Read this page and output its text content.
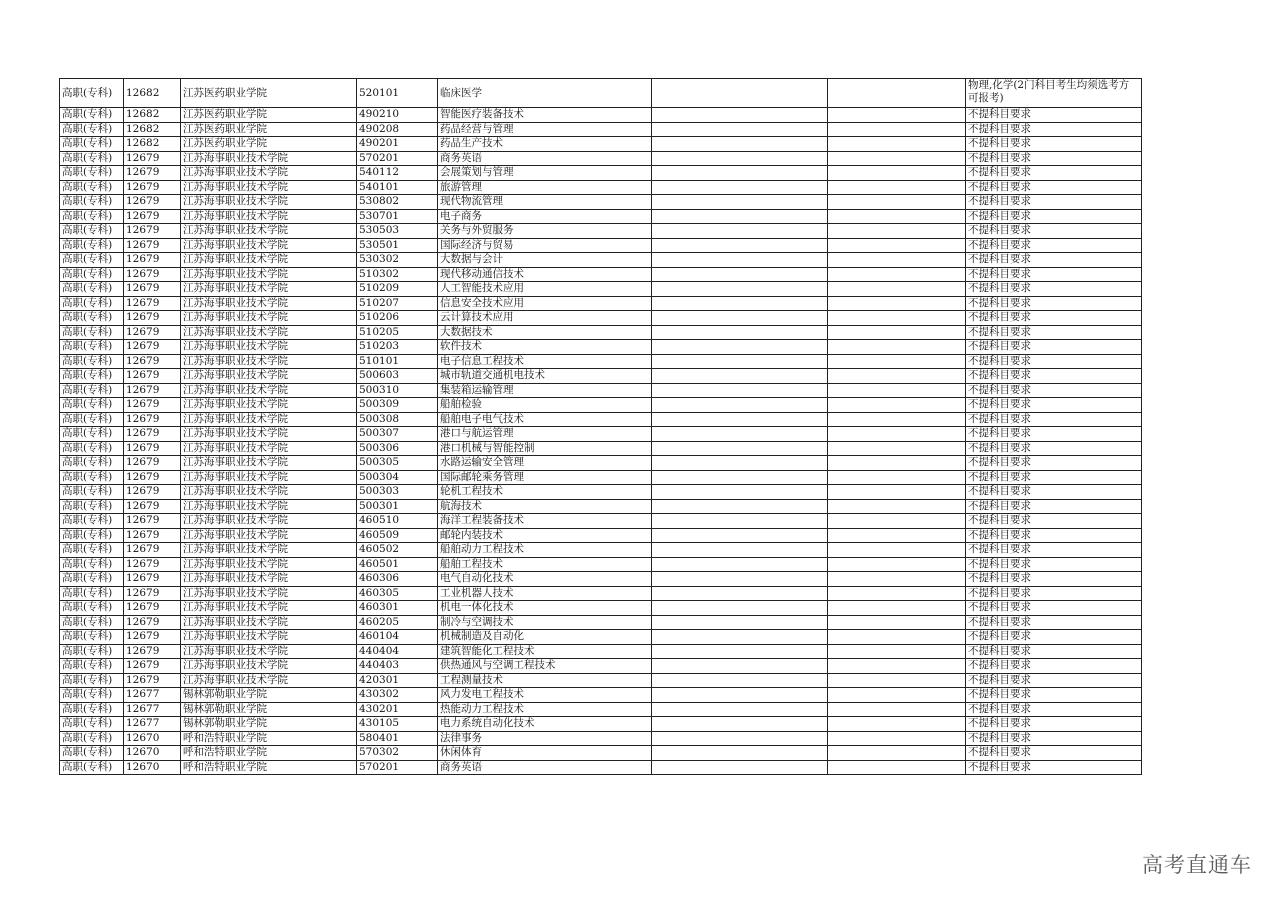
高职(专科)	12682	江苏医药职业学院	520101	临床医学			物理,化学(2门科目考生均须选考方可报考)
高职(专科)	12682	江苏医药职业学院	490210	智能医疗装备技术			不提科目要求
高职(专科)	12682	江苏医药职业学院	490208	药品经营与管理			不提科目要求
高职(专科)	12682	江苏医药职业学院	490201	药品生产技术			不提科目要求
高职(专科)	12679	江苏海事职业技术学院	570201	商务英语			不提科目要求
高职(专科)	12679	江苏海事职业技术学院	540112	会展策划与管理			不提科目要求
高职(专科)	12679	江苏海事职业技术学院	540101	旅游管理			不提科目要求
高职(专科)	12679	江苏海事职业技术学院	530802	现代物流管理			不提科目要求
高职(专科)	12679	江苏海事职业技术学院	530701	电子商务			不提科目要求
高职(专科)	12679	江苏海事职业技术学院	530503	关务与外贸服务			不提科目要求
高职(专科)	12679	江苏海事职业技术学院	530501	国际经济与贸易			不提科目要求
高职(专科)	12679	江苏海事职业技术学院	530302	大数据与会计			不提科目要求
高职(专科)	12679	江苏海事职业技术学院	510302	现代移动通信技术			不提科目要求
高职(专科)	12679	江苏海事职业技术学院	510209	人工智能技术应用			不提科目要求
高职(专科)	12679	江苏海事职业技术学院	510207	信息安全技术应用			不提科目要求
高职(专科)	12679	江苏海事职业技术学院	510206	云计算技术应用			不提科目要求
高职(专科)	12679	江苏海事职业技术学院	510205	大数据技术			不提科目要求
高职(专科)	12679	江苏海事职业技术学院	510203	软件技术			不提科目要求
高职(专科)	12679	江苏海事职业技术学院	510101	电子信息工程技术			不提科目要求
高职(专科)	12679	江苏海事职业技术学院	500603	城市轨道交通机电技术			不提科目要求
高职(专科)	12679	江苏海事职业技术学院	500310	集装箱运输管理			不提科目要求
高职(专科)	12679	江苏海事职业技术学院	500309	船舶检验			不提科目要求
高职(专科)	12679	江苏海事职业技术学院	500308	船舶电子电气技术			不提科目要求
高职(专科)	12679	江苏海事职业技术学院	500307	港口与航运管理			不提科目要求
高职(专科)	12679	江苏海事职业技术学院	500306	港口机械与智能控制			不提科目要求
高职(专科)	12679	江苏海事职业技术学院	500305	水路运输安全管理			不提科目要求
高职(专科)	12679	江苏海事职业技术学院	500304	国际邮轮乘务管理			不提科目要求
高职(专科)	12679	江苏海事职业技术学院	500303	轮机工程技术			不提科目要求
高职(专科)	12679	江苏海事职业技术学院	500301	航海技术			不提科目要求
高职(专科)	12679	江苏海事职业技术学院	460510	海洋工程装备技术			不提科目要求
高职(专科)	12679	江苏海事职业技术学院	460509	邮轮内装技术			不提科目要求
高职(专科)	12679	江苏海事职业技术学院	460502	船舶动力工程技术			不提科目要求
高职(专科)	12679	江苏海事职业技术学院	460501	船舶工程技术			不提科目要求
高职(专科)	12679	江苏海事职业技术学院	460306	电气自动化技术			不提科目要求
高职(专科)	12679	江苏海事职业技术学院	460305	工业机器人技术			不提科目要求
高职(专科)	12679	江苏海事职业技术学院	460301	机电一体化技术			不提科目要求
高职(专科)	12679	江苏海事职业技术学院	460205	制冷与空调技术			不提科目要求
高职(专科)	12679	江苏海事职业技术学院	460104	机械制造及自动化			不提科目要求
高职(专科)	12679	江苏海事职业技术学院	440404	建筑智能化工程技术			不提科目要求
高职(专科)	12679	江苏海事职业技术学院	440403	供热通风与空调工程技术			不提科目要求
高职(专科)	12679	江苏海事职业技术学院	420301	工程测量技术			不提科目要求
高职(专科)	12677	锡林郭勒职业学院	430302	风力发电工程技术			不提科目要求
高职(专科)	12677	锡林郭勒职业学院	430201	热能动力工程技术			不提科目要求
高职(专科)	12677	锡林郭勒职业学院	430105	电力系统自动化技术			不提科目要求
高职(专科)	12670	呼和浩特职业学院	580401	法律事务			不提科目要求
高职(专科)	12670	呼和浩特职业学院	570302	休闲体育			不提科目要求
高职(专科)	12670	呼和浩特职业学院	570201	商务英语			不提科目要求
高考直通车
